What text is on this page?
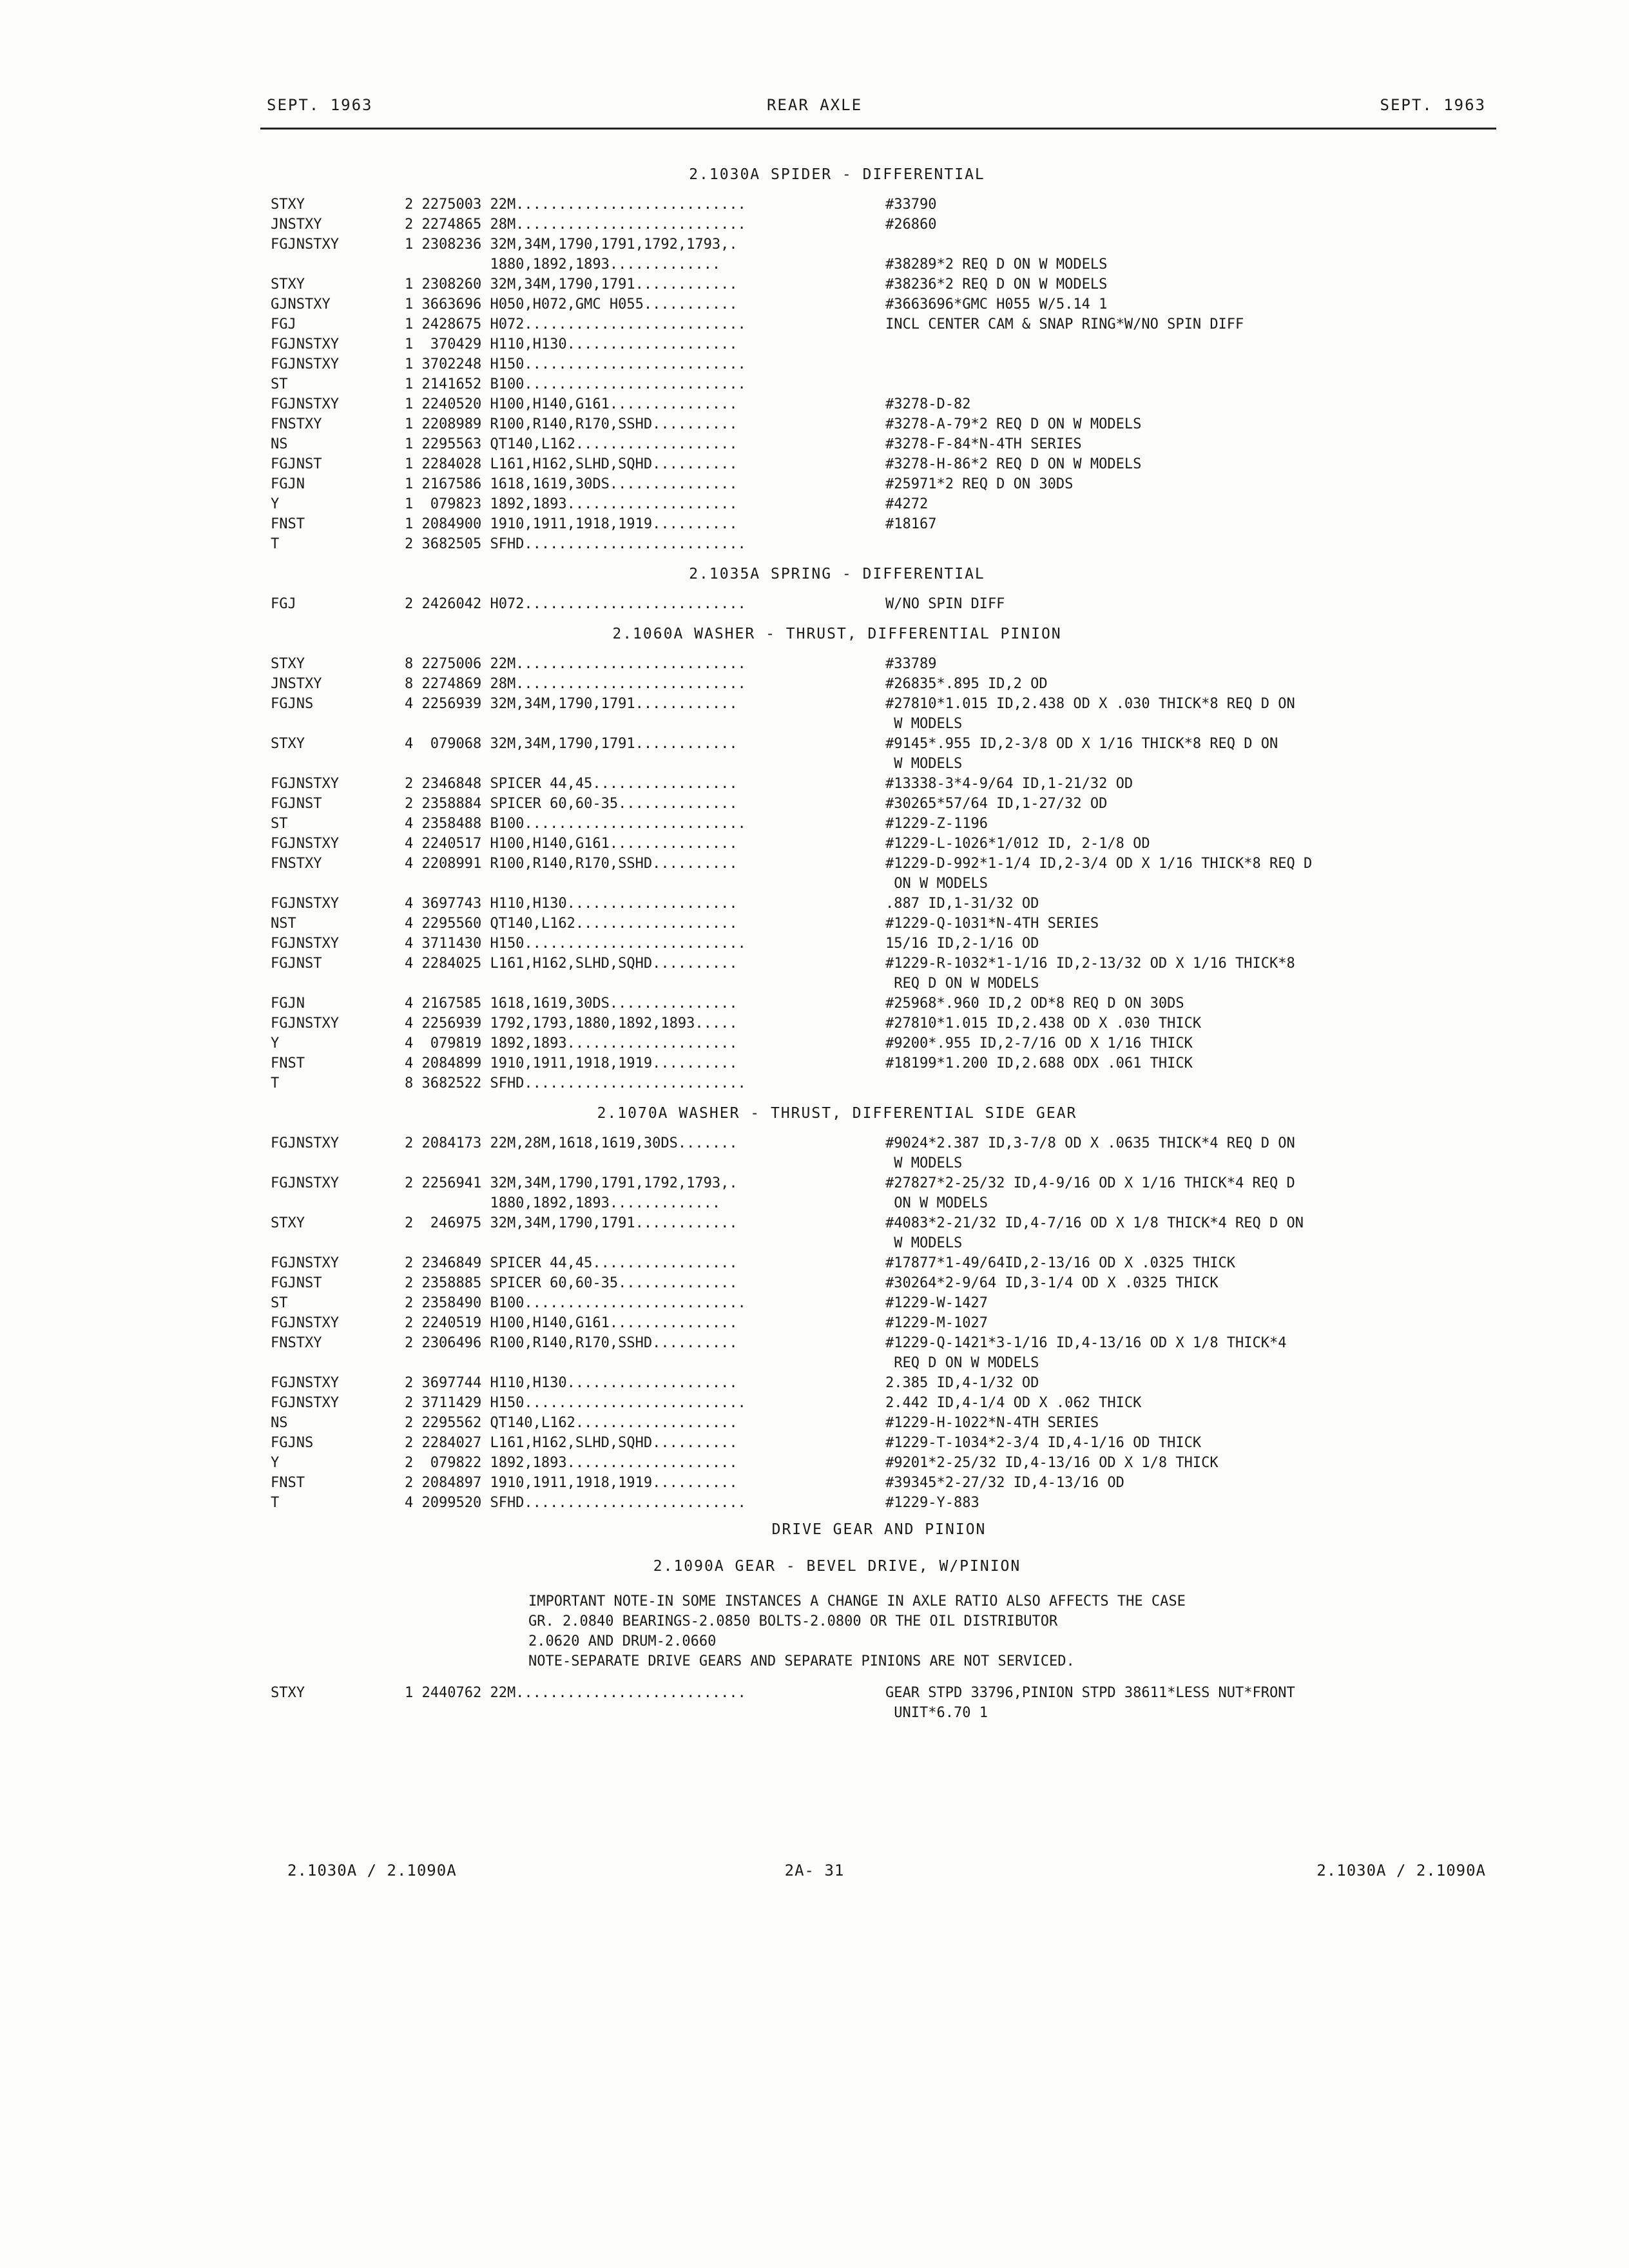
SEPT. 1963	REAR AXLE	SEPT. 1963
2.1030A SPIDER - DIFFERENTIAL
STXY	2 2275003 22M...........................	#33790
JNSTXY	2 2274865 28M...........................	#26860
FGJNSTXY	1 2308236 32M,34M,1790,1791,1792,1793,.
1880,1892,1893.............	#38289*2 REQ D ON W MODELS
STXY	1 2308260 32M,34M,1790,1791............	#38236*2 REQ D ON W MODELS
GJNSTXY	1 3663696 H050,H072,GMC H055...........	#3663696*GMC H055 W/5.14 1
FGJ	1 2428675 H072..........................	INCL CENTER CAM & SNAP RING*W/NO SPIN DIFF
FGJNSTXY	1  370429 H110,H130....................
FGJNSTXY	1 3702248 H150..........................
ST	1 2141652 B100..........................
FGJNSTXY	1 2240520 H100,H140,G161...............	#3278-D-82
FNSTXY	1 2208989 R100,R140,R170,SSHD..........	#3278-A-79*2 REQ D ON W MODELS
NS	1 2295563 QT140,L162...................	#3278-F-84*N-4TH SERIES
FGJNST	1 2284028 L161,H162,SLHD,SQHD..........	#3278-H-86*2 REQ D ON W MODELS
FGJN	1 2167586 1618,1619,30DS...............	#25971*2 REQ D ON 30DS
Y	1  079823 1892,1893....................	#4272
FNST	1 2084900 1910,1911,1918,1919..........	#18167
T	2 3682505 SFHD..........................
2.1035A SPRING - DIFFERENTIAL
FGJ	2 2426042 H072..........................	W/NO SPIN DIFF
2.1060A WASHER - THRUST, DIFFERENTIAL PINION
STXY	8 2275006 22M...........................	#33789
JNSTXY	8 2274869 28M...........................	#26835*.895 ID,2 OD
FGJNS	4 2256939 32M,34M,1790,1791............	#27810*1.015 ID,2.438 OD X .030 THICK*8 REQ D ON
W MODELS
STXY	4  079068 32M,34M,1790,1791............	#9145*.955 ID,2-3/8 OD X 1/16 THICK*8 REQ D ON
W MODELS
FGJNSTXY	2 2346848 SPICER 44,45.................	#13338-3*4-9/64 ID,1-21/32 OD
FGJNST	2 2358884 SPICER 60,60-35..............	#30265*57/64 ID,1-27/32 OD
ST	4 2358488 B100..........................	#1229-Z-1196
FGJNSTXY	4 2240517 H100,H140,G161...............	#1229-L-1026*1/012 ID, 2-1/8 OD
FNSTXY	4 2208991 R100,R140,R170,SSHD..........	#1229-D-992*1-1/4 ID,2-3/4 OD X 1/16 THICK*8 REQ D
ON W MODELS
FGJNSTXY	4 3697743 H110,H130....................	.887 ID,1-31/32 OD
NST	4 2295560 QT140,L162...................	#1229-Q-1031*N-4TH SERIES
FGJNSTXY	4 3711430 H150..........................	15/16 ID,2-1/16 OD
FGJNST	4 2284025 L161,H162,SLHD,SQHD..........	#1229-R-1032*1-1/16 ID,2-13/32 OD X 1/16 THICK*8
REQ D ON W MODELS
FGJN	4 2167585 1618,1619,30DS...............	#25968*.960 ID,2 OD*8 REQ D ON 30DS
FGJNSTXY	4 2256939 1792,1793,1880,1892,1893.....	#27810*1.015 ID,2.438 OD X .030 THICK
Y	4  079819 1892,1893....................	#9200*.955 ID,2-7/16 OD X 1/16 THICK
FNST	4 2084899 1910,1911,1918,1919..........	#18199*1.200 ID,2.688 ODX .061 THICK
T	8 3682522 SFHD..........................
2.1070A WASHER - THRUST, DIFFERENTIAL SIDE GEAR
FGJNSTXY	2 2084173 22M,28M,1618,1619,30DS.......	#9024*2.387 ID,3-7/8 OD X .0635 THICK*4 REQ D ON
W MODELS
FGJNSTXY	2 2256941 32M,34M,1790,1791,1792,1793,.	#27827*2-25/32 ID,4-9/16 OD X 1/16 THICK*4 REQ D
1880,1892,1893.............	ON W MODELS
STXY	2  246975 32M,34M,1790,1791............	#4083*2-21/32 ID,4-7/16 OD X 1/8 THICK*4 REQ D ON
W MODELS
FGJNSTXY	2 2346849 SPICER 44,45.................	#17877*1-49/64ID,2-13/16 OD X .0325 THICK
FGJNST	2 2358885 SPICER 60,60-35..............	#30264*2-9/64 ID,3-1/4 OD X .0325 THICK
ST	2 2358490 B100..........................	#1229-W-1427
FGJNSTXY	2 2240519 H100,H140,G161...............	#1229-M-1027
FNSTXY	2 2306496 R100,R140,R170,SSHD..........	#1229-Q-1421*3-1/16 ID,4-13/16 OD X 1/8 THICK*4
REQ D ON W MODELS
FGJNSTXY	2 3697744 H110,H130....................	2.385 ID,4-1/32 OD
FGJNSTXY	2 3711429 H150..........................	2.442 ID,4-1/4 OD X .062 THICK
NS	2 2295562 QT140,L162...................	#1229-H-1022*N-4TH SERIES
FGJNS	2 2284027 L161,H162,SLHD,SQHD..........	#1229-T-1034*2-3/4 ID,4-1/16 OD THICK
Y	2  079822 1892,1893....................	#9201*2-25/32 ID,4-13/16 OD X 1/8 THICK
FNST	2 2084897 1910,1911,1918,1919..........	#39345*2-27/32 ID,4-13/16 OD
T	4 2099520 SFHD..........................	#1229-Y-883
DRIVE GEAR AND PINION
2.1090A GEAR - BEVEL DRIVE, W/PINION
IMPORTANT NOTE-IN SOME INSTANCES A CHANGE IN AXLE RATIO ALSO AFFECTS THE CASE
GR. 2.0840 BEARINGS-2.0850 BOLTS-2.0800 OR THE OIL DISTRIBUTOR
2.0620 AND DRUM-2.0660
NOTE-SEPARATE DRIVE GEARS AND SEPARATE PINIONS ARE NOT SERVICED.
STXY	1 2440762 22M...........................	GEAR STPD 33796,PINION STPD 38611*LESS NUT*FRONT
UNIT*6.70 1
2.1030A / 2.1090A	2A- 31	2.1030A / 2.1090A
